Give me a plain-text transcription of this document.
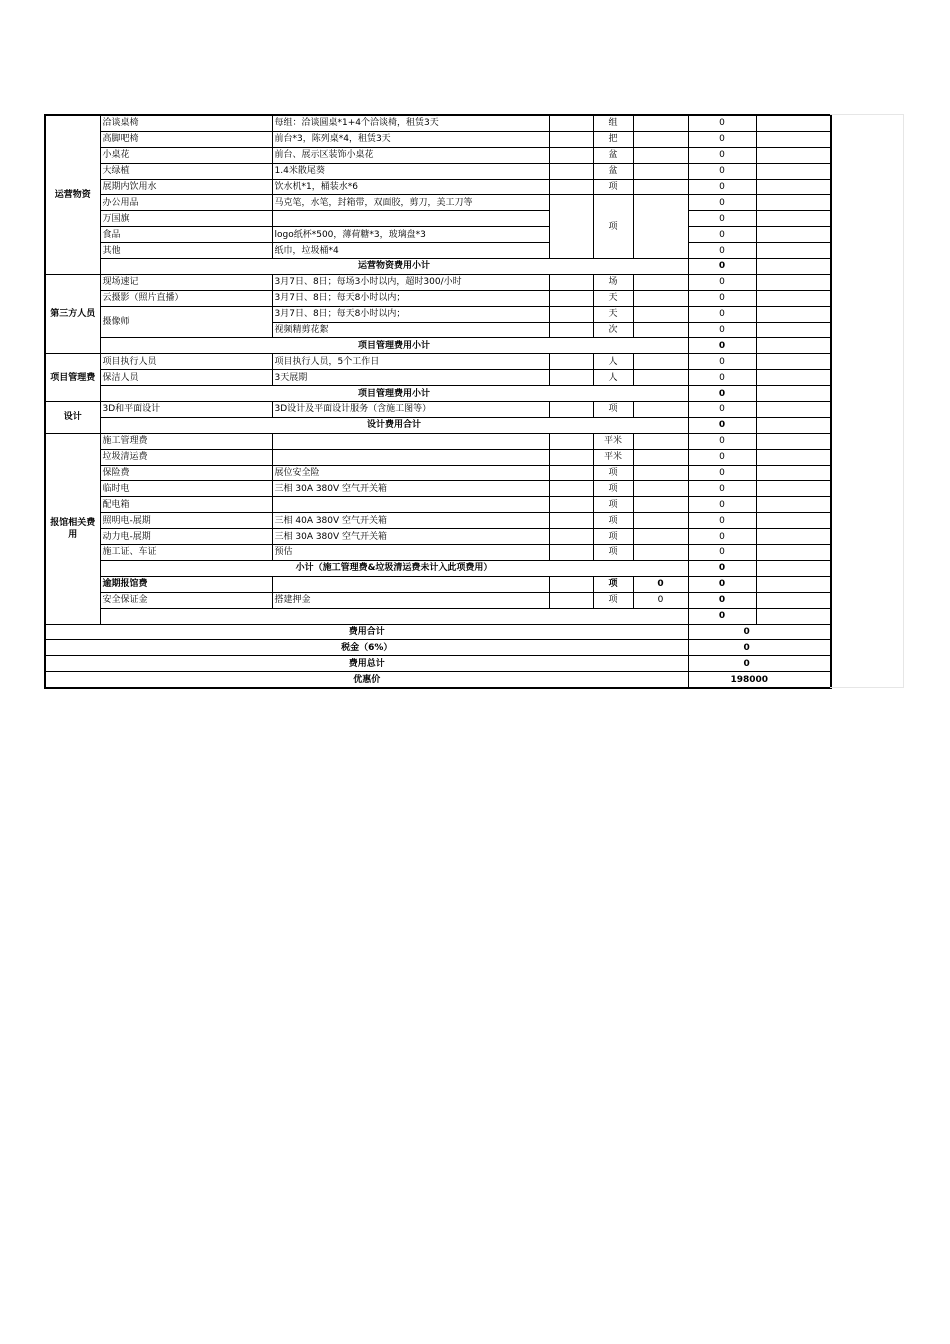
运营物资	洽谈桌椅	每组：洽谈圆桌*1+4个洽谈椅，租赁3天		组		0	
	高脚吧椅	前台*3，陈列桌*4，租赁3天		把		0	
	小桌花	前台、展示区装饰小桌花		盆		0	
	大绿植	1.4米散尾葵		盆		0	
	展期内饮用水	饮水机*1，桶装水*6		项		0	
	办公用品	马克笔，水笔，封箱带，双面胶，剪刀，美工刀等		项		0	
	万国旗					0	
	食品	logo纸杯*500，薄荷糖*3，玻璃盘*3				0	
	其他	纸巾，垃圾桶*4				0	
	运营物资费用小计					0	
第三方人员	现场速记	3月7日、8日；每场3小时以内，超时300/小时		场		0	
	云摄影（照片直播）	3月7日、8日；每天8小时以内；		天		0	
	摄像师	3月7日、8日；每天8小时以内；		天		0	
		视频精剪花絮		次		0	
	项目管理费用小计					0	
项目管理费	项目执行人员	项目执行人员，5个工作日		人		0	
	保洁人员	3天展期		人		0	
	项目管理费用小计					0	
设计	3D和平面设计	3D设计及平面设计服务（含施工图等）		项		0	
	设计费用合计					0	
报馆相关费用	施工管理费			平米		0	
	垃圾清运费			平米		0	
	保险费	展位安全险		项		0	
	临时电	三相 30A 380V 空气开关箱		项		0	
	配电箱			项		0	
	照明电-展期	三相 40A 380V 空气开关箱		项		0	
	动力电-展期	三相 30A 380V 空气开关箱		项		0	
	施工证、车证	预估		项		0	
	小计（施工管理费&垃圾清运费未计入此项费用）					0	
	逾期报馆费			项	0	0	
	安全保证金	搭建押金		项	0	0	
						0	
费用合计						0	
税金（6%）						0	
费用总计						0	
优惠价						198000	
